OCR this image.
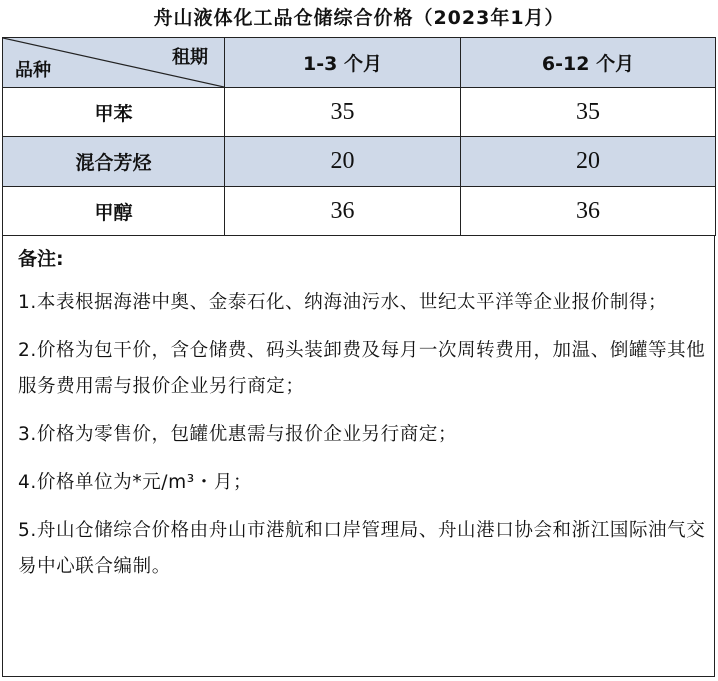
舟山液体化工品仓储综合价格（2023年1月）
品种
租期	1-3 个月	6-12 个月
甲苯	35	35
混合芳烃	20	20
甲醇	36	36
备注:
1.本表根据海港中奥、金泰石化、纳海油污水、世纪太平洋等企业报价制得；
2.价格为包干价，含仓储费、码头装卸费及每月一次周转费用，加温、倒罐等其他服务费用需与报价企业另行商定；
3.价格为零售价，包罐优惠需与报价企业另行商定；
4.价格单位为*元/m³・月；
5.舟山仓储综合价格由舟山市港航和口岸管理局、舟山港口协会和浙江国际油气交易中心联合编制。
